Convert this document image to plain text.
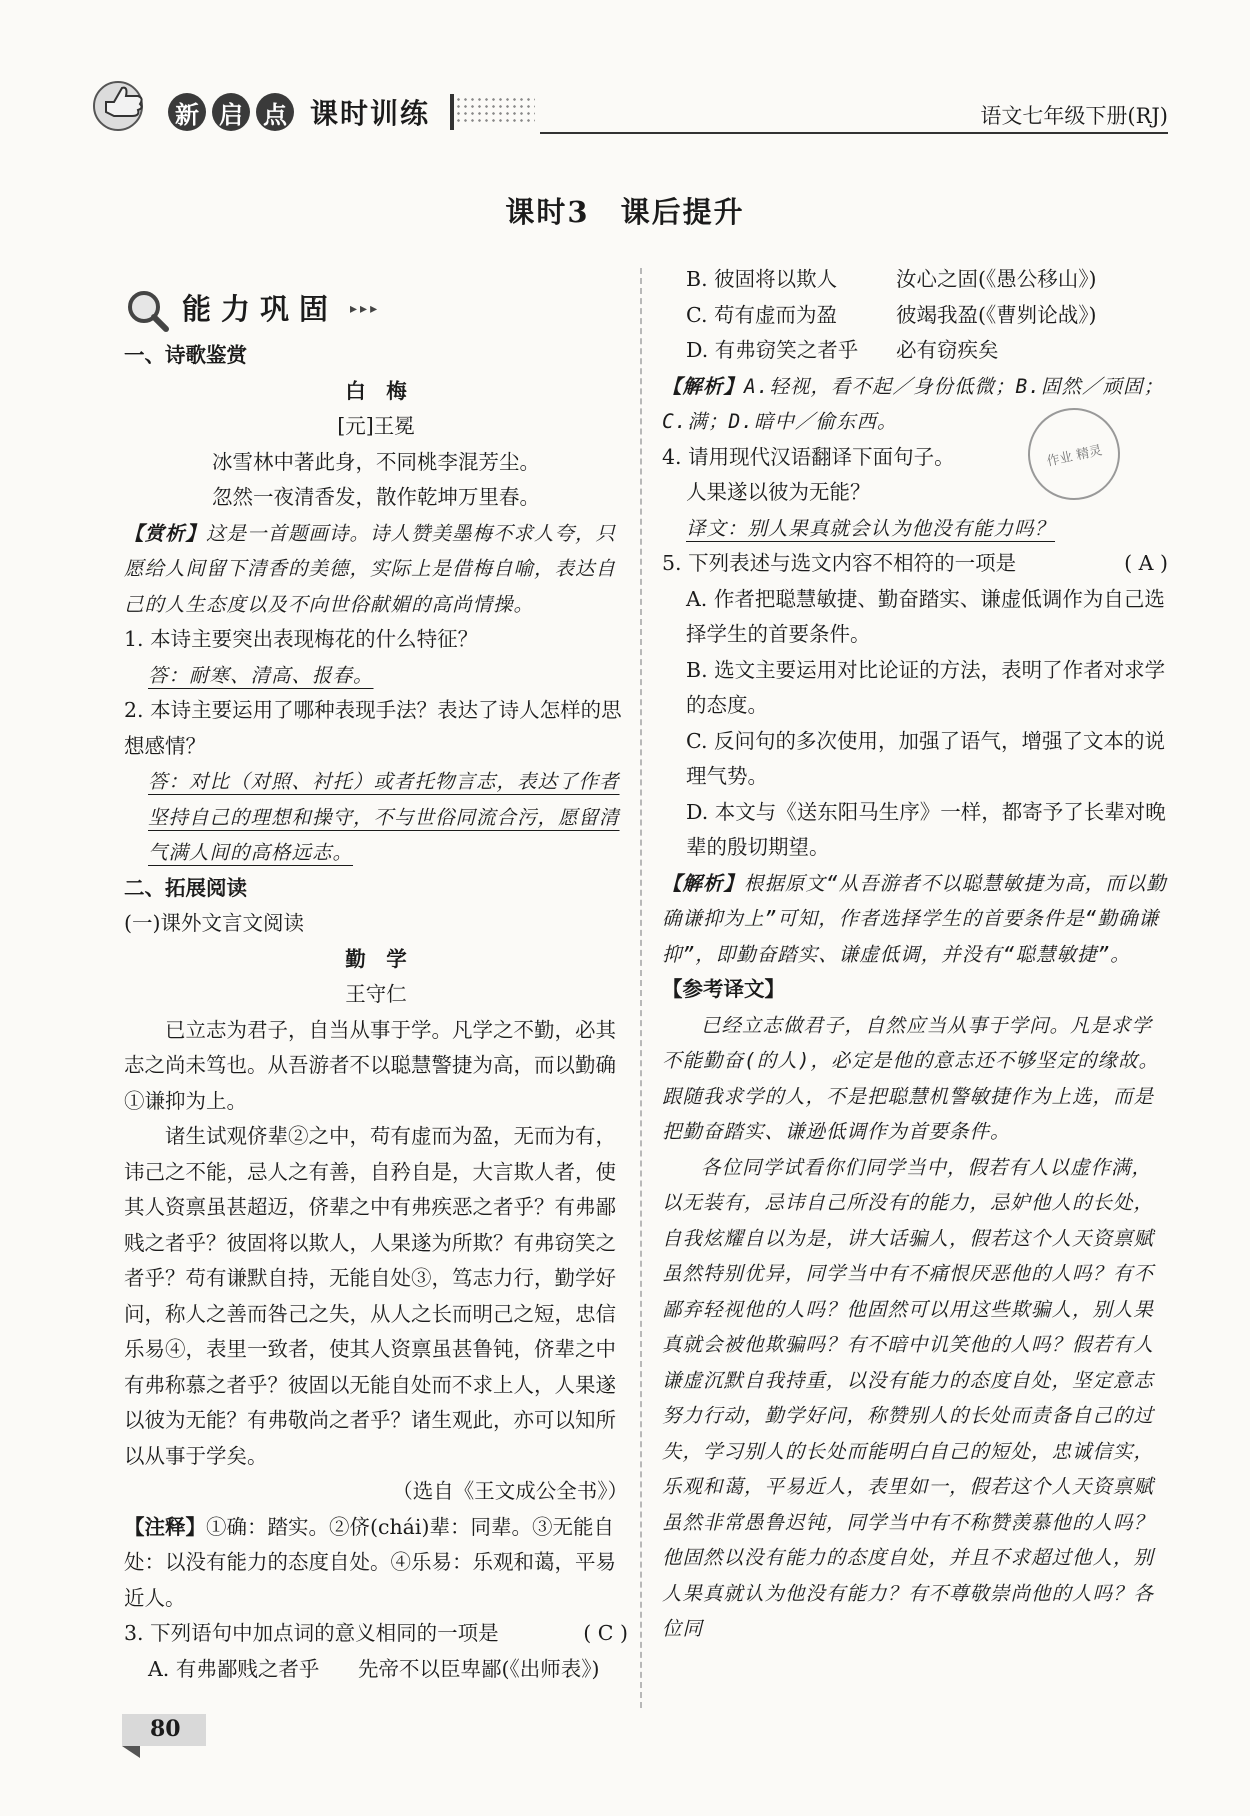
新 启 点 课时训练	语文七年级下册(RJ)
课时3　课后提升
能力巩固 ▸▸▸

一、诗歌鉴赏

白　梅

[元]王冕

冰雪林中著此身，不同桃李混芳尘。

忽然一夜清香发，散作乾坤万里春。

【赏析】这是一首题画诗。诗人赞美墨梅不求人夸，只愿给人间留下清香的美德，实际上是借梅自喻，表达自己的人生态度以及不向世俗献媚的高尚情操。

1. 本诗主要突出表现梅花的什么特征？

答：耐寒、清高、报春。

2. 本诗主要运用了哪种表现手法？表达了诗人怎样的思想感情？

答：对比（对照、衬托）或者托物言志，表达了作者坚持自己的理想和操守，不与世俗同流合污，愿留清气满人间的高格远志。

二、拓展阅读

(一)课外文言文阅读

勤　学

王守仁

已立志为君子，自当从事于学。凡学之不勤，必其志之尚未笃也。从吾游者不以聪慧警捷为高，而以勤确①谦抑为上。

诸生试观侪辈②之中，苟有虚而为盈，无而为有，讳己之不能，忌人之有善，自矜自是，大言欺人者，使其人资禀虽甚超迈，侪辈之中有弗疾恶之者乎？有弗鄙贱之者乎？彼固将以欺人，人果遂为所欺？有弗窃笑之者乎？苟有谦默自持，无能自处③，笃志力行，勤学好问，称人之善而咎己之失，从人之长而明己之短，忠信乐易④，表里一致者，使其人资禀虽甚鲁钝，侪辈之中有弗称慕之者乎？彼固以无能自处而不求上人，人果遂以彼为无能？有弗敬尚之者乎？诸生观此，亦可以知所以从事于学矣。

（选自《王文成公全书》）

【注释】①确：踏实。②侪(chái)辈：同辈。③无能自处：以没有能力的态度自处。④乐易：乐观和蔼，平易近人。

3. 下列语句中加点词的意义相同的一项是	( C )

A. 有弗鄙贱之者乎	先帝不以臣卑鄙(《出师表》)

B. 彼固将以欺人	汝心之固(《愚公移山》)

C. 苟有虚而为盈	彼竭我盈(《曹刿论战》)

D. 有弗窃笑之者乎	必有窃疾矣

【解析】A.轻视，看不起／身份低微；B.固然／顽固；C.满；D.暗中／偷东西。

4. 请用现代汉语翻译下面句子。

人果遂以彼为无能？

译文：别人果真就会认为他没有能力吗？

5. 下列表述与选文内容不相符的一项是	( A )

A. 作者把聪慧敏捷、勤奋踏实、谦虚低调作为自己选择学生的首要条件。

B. 选文主要运用对比论证的方法，表明了作者对求学的态度。

C. 反问句的多次使用，加强了语气，增强了文本的说理气势。

D. 本文与《送东阳马生序》一样，都寄予了长辈对晚辈的殷切期望。

【解析】根据原文“从吾游者不以聪慧敏捷为高，而以勤确谦抑为上”可知，作者选择学生的首要条件是“勤确谦抑”，即勤奋踏实、谦虚低调，并没有“聪慧敏捷”。

【参考译文】

已经立志做君子，自然应当从事于学问。凡是求学不能勤奋(的人)，必定是他的意志还不够坚定的缘故。跟随我求学的人，不是把聪慧机警敏捷作为上选，而是把勤奋踏实、谦逊低调作为首要条件。

各位同学试看你们同学当中，假若有人以虚作满，以无装有，忌讳自己所没有的能力，忌妒他人的长处，自我炫耀自以为是，讲大话骗人，假若这个人天资禀赋虽然特别优异，同学当中有不痛恨厌恶他的人吗？有不鄙弃轻视他的人吗？他固然可以用这些欺骗人，别人果真就会被他欺骗吗？有不暗中讥笑他的人吗？假若有人谦虚沉默自我持重，以没有能力的态度自处，坚定意志努力行动，勤学好问，称赞别人的长处而责备自己的过失，学习别人的长处而能明白自己的短处，忠诚信实，乐观和蔼，平易近人，表里如一，假若这个人天资禀赋虽然非常愚鲁迟钝，同学当中有不称赞羡慕他的人吗？他固然以没有能力的态度自处，并且不求超过他人，别人果真就认为他没有能力？有不尊敬崇尚他的人吗？各位同

作业 精灵
80
